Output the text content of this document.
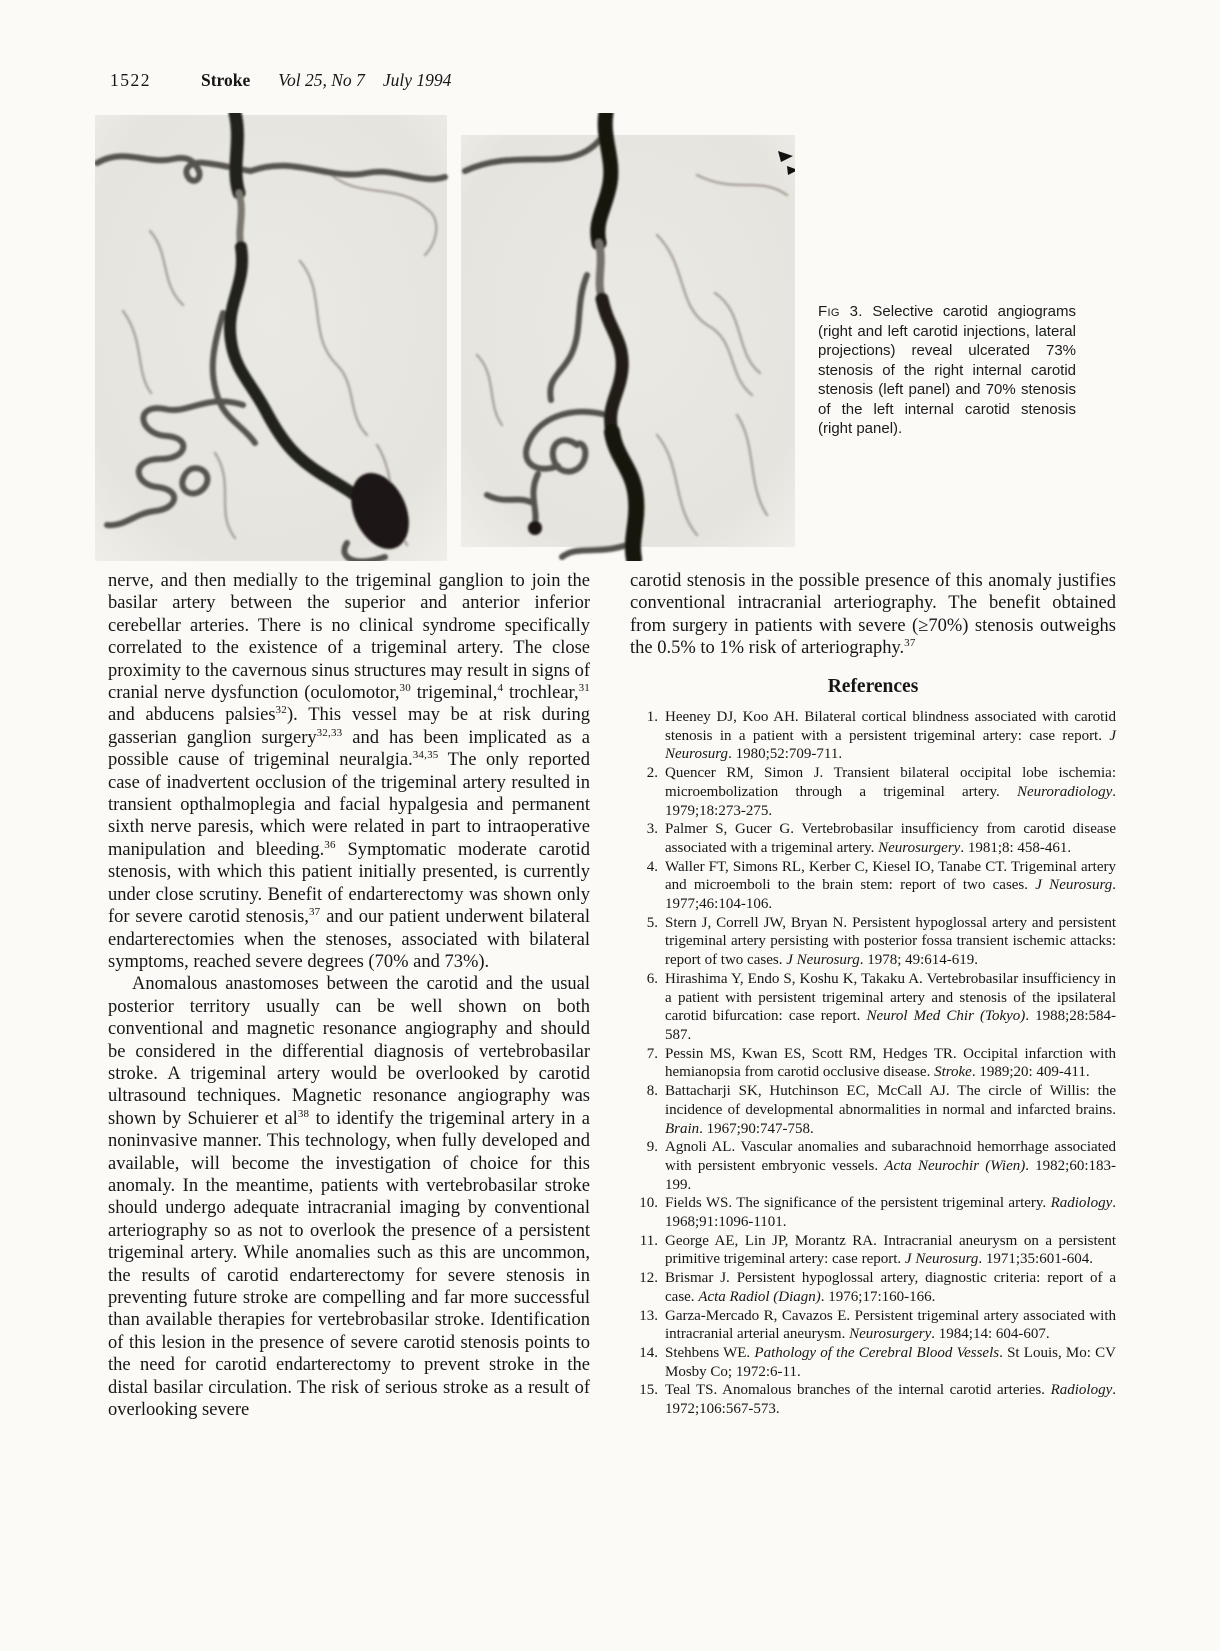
1522	Stroke Vol 25, No 7 July 1994
Fig 3. Selective carotid angiograms (right and left carotid injections, lateral projections) reveal ulcerated 73% stenosis of the right internal carotid stenosis (left panel) and 70% stenosis of the left internal carotid stenosis (right panel).

nerve, and then medially to the trigeminal ganglion to join the basilar artery between the superior and anterior inferior cerebellar arteries. There is no clinical syndrome specifically correlated to the existence of a trigeminal artery. The close proximity to the cavernous sinus structures may result in signs of cranial nerve dysfunction (oculomotor,$^{30}$ trigeminal,$^4$ trochlear,$^{31}$ and abducens palsies$^{32}$). This vessel may be at risk during gasserian ganglion surgery$^{32,33}$ and has been implicated as a possible cause of trigeminal neuralgia.$^{34,35}$ The only reported case of inadvertent occlusion of the trigeminal artery resulted in transient opthalmoplegia and facial hypalgesia and permanent sixth nerve paresis, which were related in part to intraoperative manipulation and bleeding.$^{36}$ Symptomatic moderate carotid stenosis, with which this patient initially presented, is currently under close scrutiny. Benefit of endarterectomy was shown only for severe carotid stenosis,$^{37}$ and our patient underwent bilateral endarterectomies when the stenoses, associated with bilateral symptoms, reached severe degrees (70% and 73%).

Anomalous anastomoses between the carotid and the usual posterior territory usually can be well shown on both conventional and magnetic resonance angiography and should be considered in the differential diagnosis of vertebrobasilar stroke. A trigeminal artery would be overlooked by carotid ultrasound techniques. Magnetic resonance angiography was shown by Schuierer et $al^{38}$ to identify the trigeminal artery in a noninvasive manner. This technology, when fully developed and available, will become the investigation of choice for this anomaly. In the meantime, patients with vertebrobasilar stroke should undergo adequate intracranial imaging by conventional arteriography so as not to overlook the presence of a persistent trigeminal artery. While anomalies such as this are uncommon, the results of carotid endarterectomy for severe stenosis in preventing future stroke are compelling and far more successful than available therapies for vertebrobasilar stroke. Identification of this lesion in the presence of severe carotid stenosis points to the need for carotid endarterectomy to prevent stroke in the distal basilar circulation. The risk of serious stroke as a result of overlooking severe

carotid stenosis in the possible presence of this anomaly justifies conventional intracranial arteriography. The benefit obtained from surgery in patients with severe (≥70%) stenosis outweighs the 0.5% to 1% risk of arteriography.$^{37}$

References
1. Heeney DJ, Koo AH. Bilateral cortical blindness associated with carotid stenosis in a patient with a persistent trigeminal artery: case report. J Neurosurg. 1980;52:709-711.
2. Quencer RM, Simon J. Transient bilateral occipital lobe ischemia: microembolization through a trigeminal artery. Neuroradiology. 1979;18:273-275.
3. Palmer S, Gucer G. Vertebrobasilar insufficiency from carotid disease associated with a trigeminal artery. Neurosurgery. 1981;8: 458-461.
4. Waller FT, Simons RL, Kerber C, Kiesel IO, Tanabe CT. Trigeminal artery and microemboli to the brain stem: report of two cases. J Neurosurg. 1977;46:104-106.
5. Stern J, Correll JW, Bryan N. Persistent hypoglossal artery and persistent trigeminal artery persisting with posterior fossa transient ischemic attacks: report of two cases. J Neurosurg. 1978; 49:614-619.
6. Hirashima Y, Endo S, Koshu K, Takaku A. Vertebrobasilar insufficiency in a patient with persistent trigeminal artery and stenosis of the ipsilateral carotid bifurcation: case report. Neurol Med Chir (Tokyo). 1988;28:584-587.
7. Pessin MS, Kwan ES, Scott RM, Hedges TR. Occipital infarction with hemianopsia from carotid occlusive disease. Stroke. 1989;20: 409-411.
8. Battacharji SK, Hutchinson EC, McCall AJ. The circle of Willis: the incidence of developmental abnormalities in normal and infarcted brains. Brain. 1967;90:747-758.
9. Agnoli AL. Vascular anomalies and subarachnoid hemorrhage associated with persistent embryonic vessels. Acta Neurochir (Wien). 1982;60:183-199.
10. Fields WS. The significance of the persistent trigeminal artery. Radiology. 1968;91:1096-1101.
11. George AE, Lin JP, Morantz RA. Intracranial aneurysm on a persistent primitive trigeminal artery: case report. J Neurosurg. 1971;35:601-604.
12. Brismar J. Persistent hypoglossal artery, diagnostic criteria: report of a case. Acta Radiol (Diagn). 1976;17:160-166.
13. Garza-Mercado R, Cavazos E. Persistent trigeminal artery associated with intracranial arterial aneurysm. Neurosurgery. 1984;14: 604-607.
14. Stehbens WE. Pathology of the Cerebral Blood Vessels. St Louis, Mo: CV Mosby Co; 1972:6-11.
15. Teal TS. Anomalous branches of the internal carotid arteries. Radiology. 1972;106:567-573.
